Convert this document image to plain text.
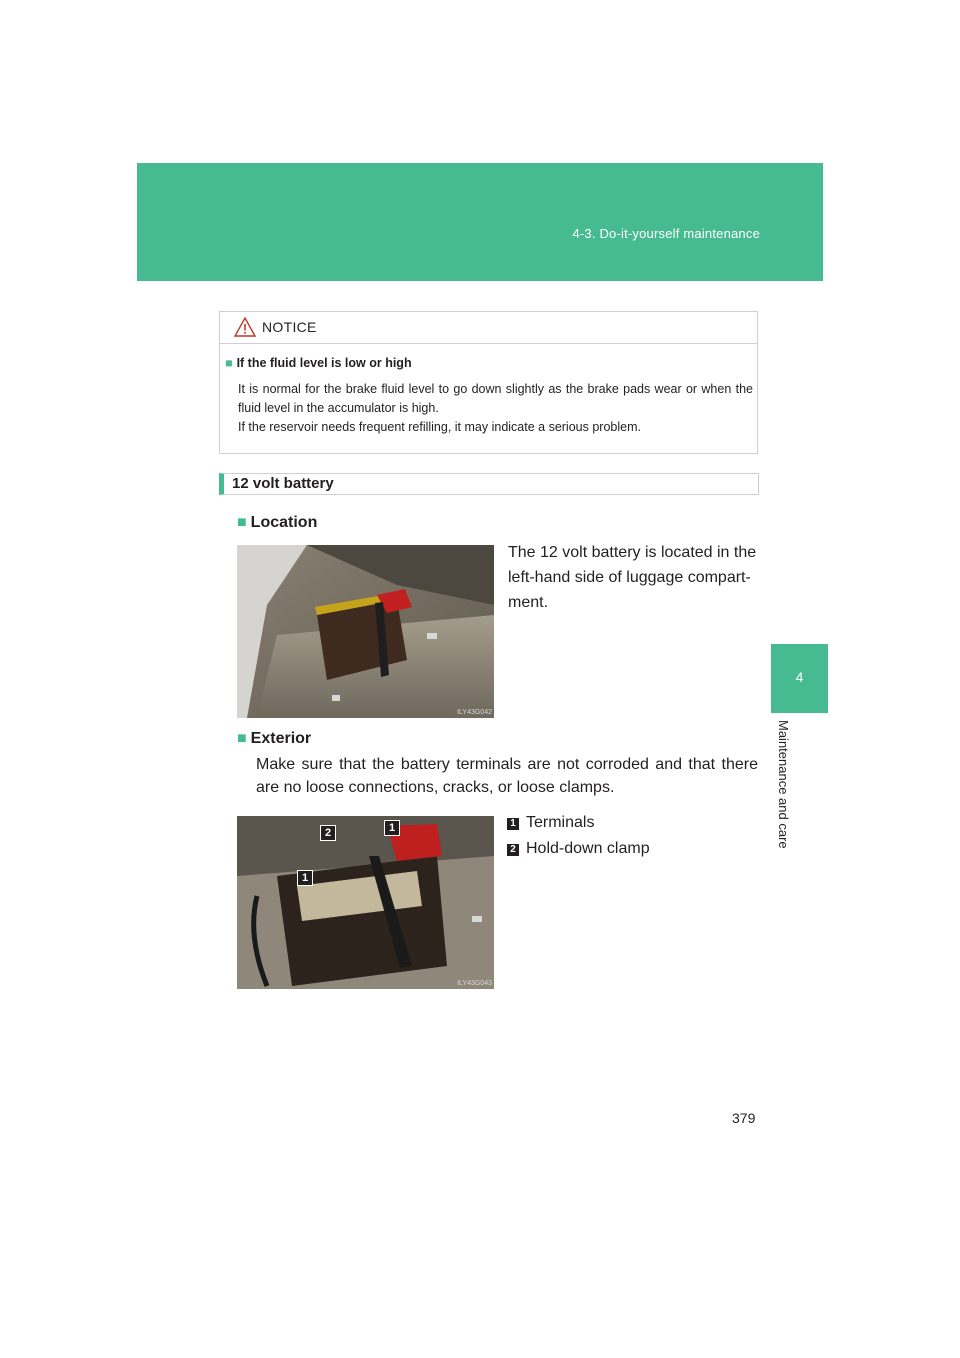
4-3. Do-it-yourself maintenance
4
Maintenance and care
NOTICE
■ If the fluid level is low or high

It is normal for the brake fluid level to go down slightly as the brake pads wear or when the fluid level in the accumulator is high.

If the reservoir needs frequent refilling, it may indicate a serious problem.

12 volt battery
■ Location
ILY43G042
The 12 volt battery is located in the left-hand side of luggage compart- ment.
■ Exterior
Make sure that the battery terminals are not corroded and that there are no loose connections, cracks, or loose clamps.
2	1
1
ILY43G043
1 Terminals
2 Hold-down clamp
379
